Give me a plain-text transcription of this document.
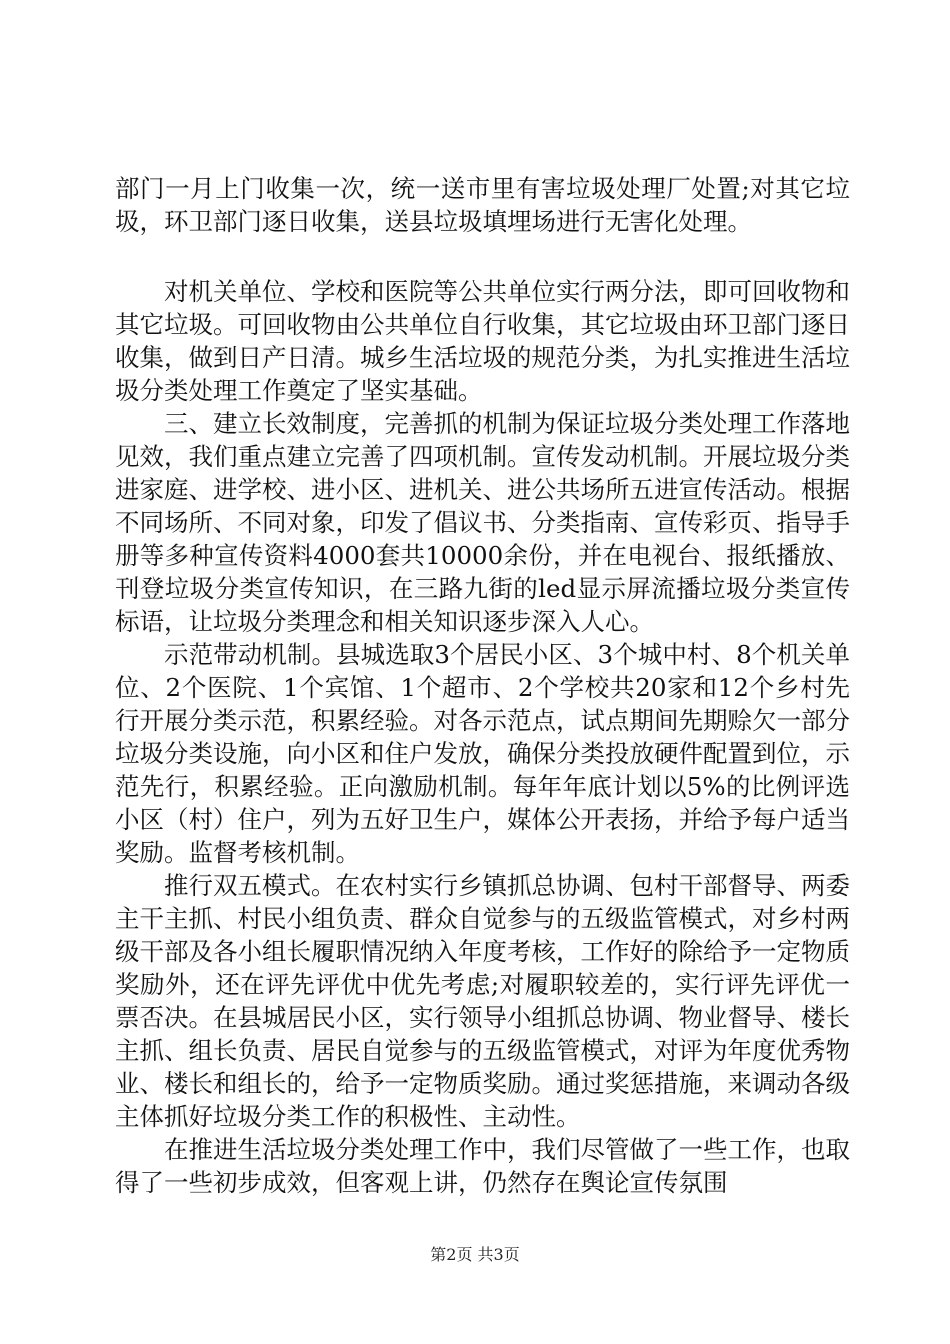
部门一月上门收集一次，统一送市里有害垃圾处理厂处置;对其它垃圾，环卫部门逐日收集，送县垃圾填埋场进行无害化处理。

对机关单位、学校和医院等公共单位实行两分法，即可回收物和其它垃圾。可回收物由公共单位自行收集，其它垃圾由环卫部门逐日收集，做到日产日清。城乡生活垃圾的规范分类，为扎实推进生活垃圾分类处理工作奠定了坚实基础。

三、建立长效制度，完善抓的机制为保证垃圾分类处理工作落地见效，我们重点建立完善了四项机制。宣传发动机制。开展垃圾分类进家庭、进学校、进小区、进机关、进公共场所五进宣传活动。根据不同场所、不同对象，印发了倡议书、分类指南、宣传彩页、指导手册等多种宣传资料4000套共10000余份，并在电视台、报纸播放、刊登垃圾分类宣传知识，在三路九街的led显示屏流播垃圾分类宣传标语，让垃圾分类理念和相关知识逐步深入人心。

示范带动机制。县城选取3个居民小区、3个城中村、8个机关单位、2个医院、1个宾馆、1个超市、2个学校共20家和12个乡村先行开展分类示范，积累经验。对各示范点，试点期间先期赊欠一部分垃圾分类设施，向小区和住户发放，确保分类投放硬件配置到位，示范先行，积累经验。正向激励机制。每年年底计划以5%的比例评选小区（村）住户，列为五好卫生户，媒体公开表扬，并给予每户适当奖励。监督考核机制。

推行双五模式。在农村实行乡镇抓总协调、包村干部督导、两委主干主抓、村民小组负责、群众自觉参与的五级监管模式，对乡村两级干部及各小组长履职情况纳入年度考核，工作好的除给予一定物质奖励外，还在评先评优中优先考虑;对履职较差的，实行评先评优一票否决。在县城居民小区，实行领导小组抓总协调、物业督导、楼长主抓、组长负责、居民自觉参与的五级监管模式，对评为年度优秀物业、楼长和组长的，给予一定物质奖励。通过奖惩措施，来调动各级主体抓好垃圾分类工作的积极性、主动性。

在推进生活垃圾分类处理工作中，我们尽管做了一些工作，也取得了一些初步成效，但客观上讲，仍然存在舆论宣传氛围

第2页 共3页
